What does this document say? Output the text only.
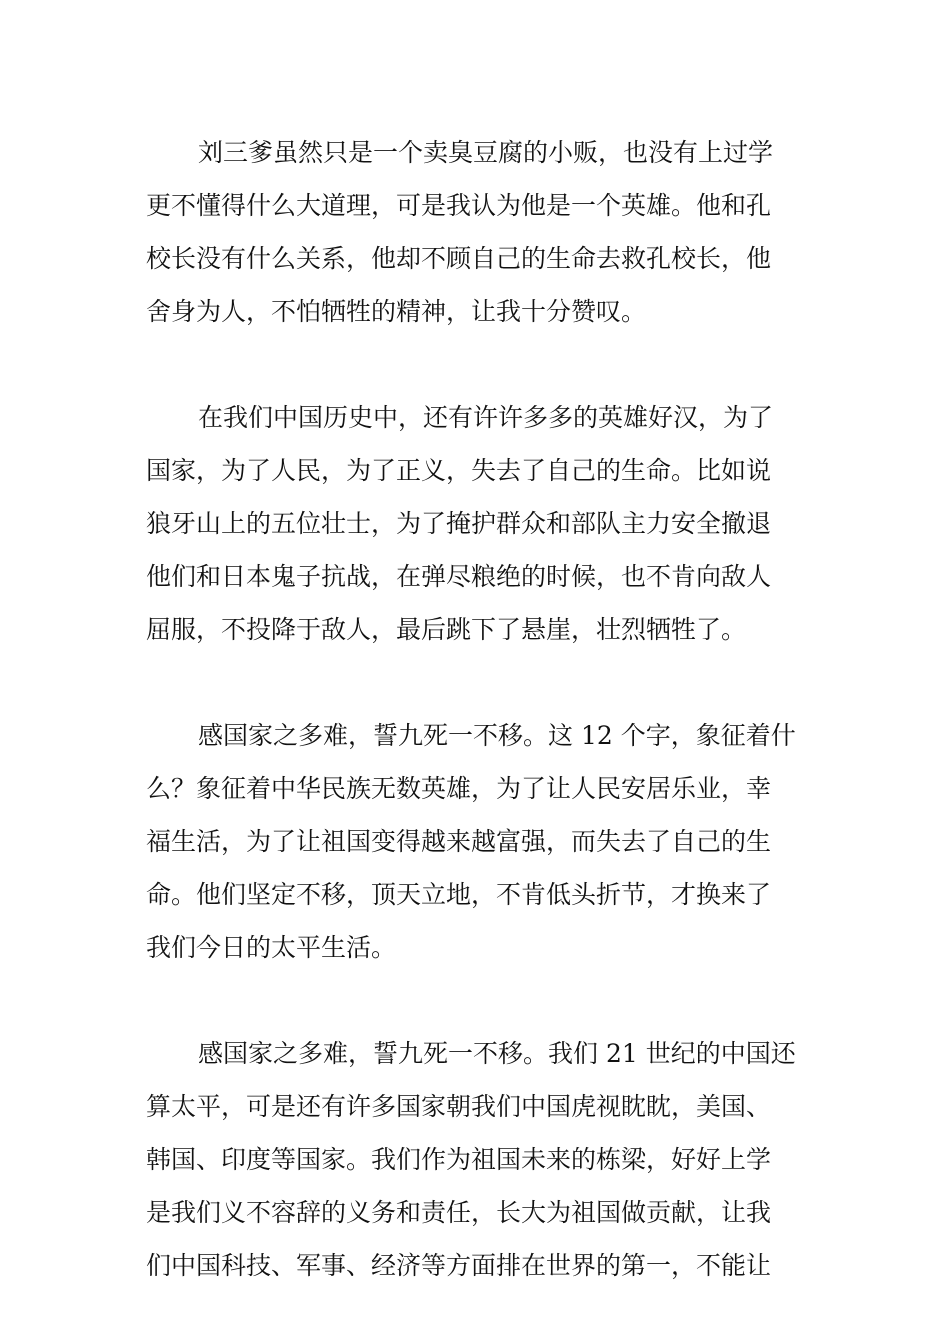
刘三爹虽然只是一个卖臭豆腐的小贩，也没有上过学
更不懂得什么大道理，可是我认为他是一个英雄。他和孔
校长没有什么关系，他却不顾自己的生命去救孔校长，他
舍身为人，不怕牺牲的精神，让我十分赞叹。
在我们中国历史中，还有许许多多的英雄好汉，为了
国家，为了人民，为了正义，失去了自己的生命。比如说
狼牙山上的五位壮士，为了掩护群众和部队主力安全撤退
他们和日本鬼子抗战，在弹尽粮绝的时候，也不肯向敌人
屈服，不投降于敌人，最后跳下了悬崖，壮烈牺牲了。
感国家之多难，誓九死一不移。这 12 个字，象征着什
么？象征着中华民族无数英雄，为了让人民安居乐业，幸
福生活，为了让祖国变得越来越富强，而失去了自己的生
命。他们坚定不移，顶天立地，不肯低头折节，才换来了
我们今日的太平生活。
感国家之多难，誓九死一不移。我们 21 世纪的中国还
算太平，可是还有许多国家朝我们中国虎视眈眈，美国、
韩国、印度等国家。我们作为祖国未来的栋梁，好好上学
是我们义不容辞的义务和责任，长大为祖国做贡献，让我
们中国科技、军事、经济等方面排在世界的第一，不能让
